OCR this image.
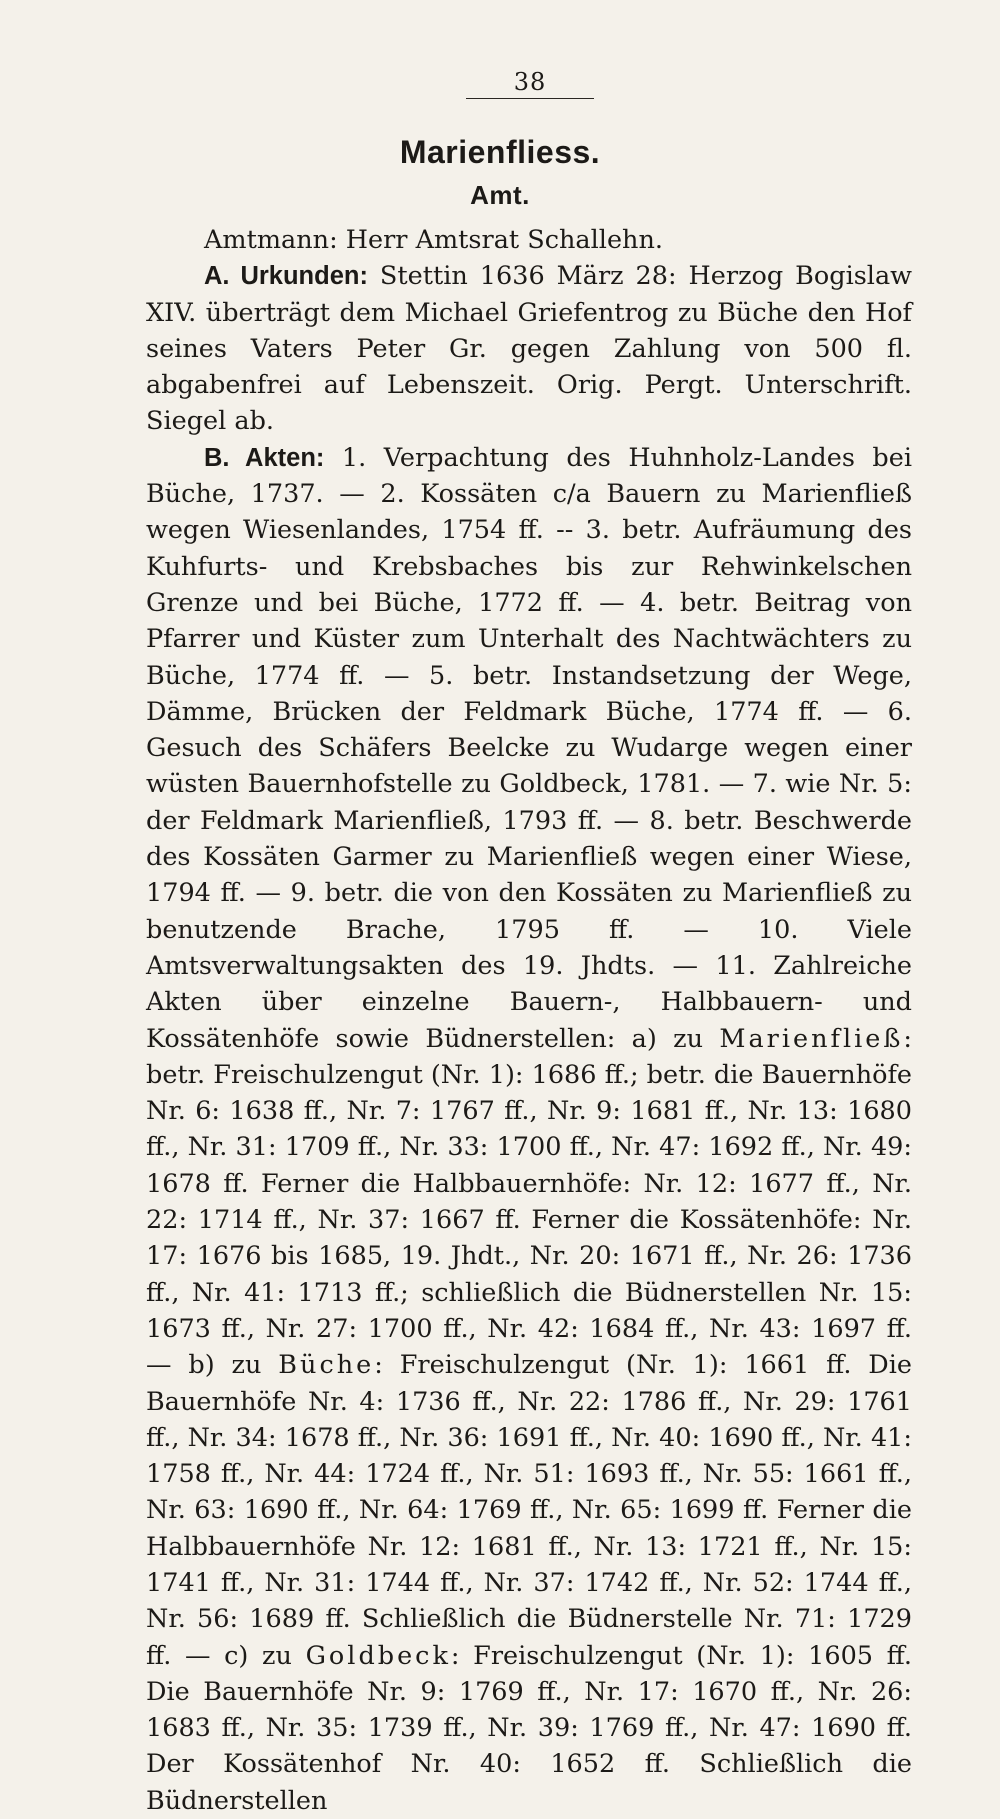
38
Marienfliess.
Amt.

Amtmann: Herr Amtsrat Schallehn.

A. Urkunden: Stettin 1636 März 28: Herzog Bogislaw XIV. überträgt dem Michael Griefentrog zu Büche den Hof seines Vaters Peter Gr. gegen Zahlung von 500 fl. abgabenfrei auf Lebenszeit. Orig. Pergt. Unterschrift. Siegel ab.

B. Akten: 1. Verpachtung des Huhnholz-Landes bei Büche, 1737. — 2. Kossäten c/a Bauern zu Marienfließ wegen Wiesenlandes, 1754 ff. -- 3. betr. Aufräumung des Kuhfurts- und Krebsbaches bis zur Rehwinkelschen Grenze und bei Büche, 1772 ff. — 4. betr. Beitrag von Pfarrer und Küster zum Unterhalt des Nachtwächters zu Büche, 1774 ff. — 5. betr. Instandsetzung der Wege, Dämme, Brücken der Feldmark Büche, 1774 ff. — 6. Gesuch des Schäfers Beelcke zu Wudarge wegen einer wüsten Bauernhofstelle zu Goldbeck, 1781. — 7. wie Nr. 5: der Feldmark Marienfließ, 1793 ff. — 8. betr. Beschwerde des Kossäten Garmer zu Marienfließ wegen einer Wiese, 1794 ff. — 9. betr. die von den Kossäten zu Marienfließ zu benutzende Brache, 1795 ff. — 10. Viele Amtsverwaltungsakten des 19. Jhdts. — 11. Zahlreiche Akten über einzelne Bauern-, Halbbauern- und Kossätenhöfe sowie Büdnerstellen: a) zu Marienfließ: betr. Freischulzengut (Nr. 1): 1686 ff.; betr. die Bauernhöfe Nr. 6: 1638 ff., Nr. 7: 1767 ff., Nr. 9: 1681 ff., Nr. 13: 1680 ff., Nr. 31: 1709 ff., Nr. 33: 1700 ff., Nr. 47: 1692 ff., Nr. 49: 1678 ff. Ferner die Halbbauernhöfe: Nr. 12: 1677 ff., Nr. 22: 1714 ff., Nr. 37: 1667 ff. Ferner die Kossätenhöfe: Nr. 17: 1676 bis 1685, 19. Jhdt., Nr. 20: 1671 ff., Nr. 26: 1736 ff., Nr. 41: 1713 ff.; schließlich die Büdnerstellen Nr. 15: 1673 ff., Nr. 27: 1700 ff., Nr. 42: 1684 ff., Nr. 43: 1697 ff. — b) zu Büche: Freischulzengut (Nr. 1): 1661 ff. Die Bauernhöfe Nr. 4: 1736 ff., Nr. 22: 1786 ff., Nr. 29: 1761 ff., Nr. 34: 1678 ff., Nr. 36: 1691 ff., Nr. 40: 1690 ff., Nr. 41: 1758 ff., Nr. 44: 1724 ff., Nr. 51: 1693 ff., Nr. 55: 1661 ff., Nr. 63: 1690 ff., Nr. 64: 1769 ff., Nr. 65: 1699 ff. Ferner die Halbbauernhöfe Nr. 12: 1681 ff., Nr. 13: 1721 ff., Nr. 15: 1741 ff., Nr. 31: 1744 ff., Nr. 37: 1742 ff., Nr. 52: 1744 ff., Nr. 56: 1689 ff. Schließlich die Büdnerstelle Nr. 71: 1729 ff. — c) zu Goldbeck: Freischulzengut (Nr. 1): 1605 ff. Die Bauernhöfe Nr. 9: 1769 ff., Nr. 17: 1670 ff., Nr. 26: 1683 ff., Nr. 35: 1739 ff., Nr. 39: 1769 ff., Nr. 47: 1690 ff. Der Kossätenhof Nr. 40: 1652 ff. Schließlich die Büdnerstellen
